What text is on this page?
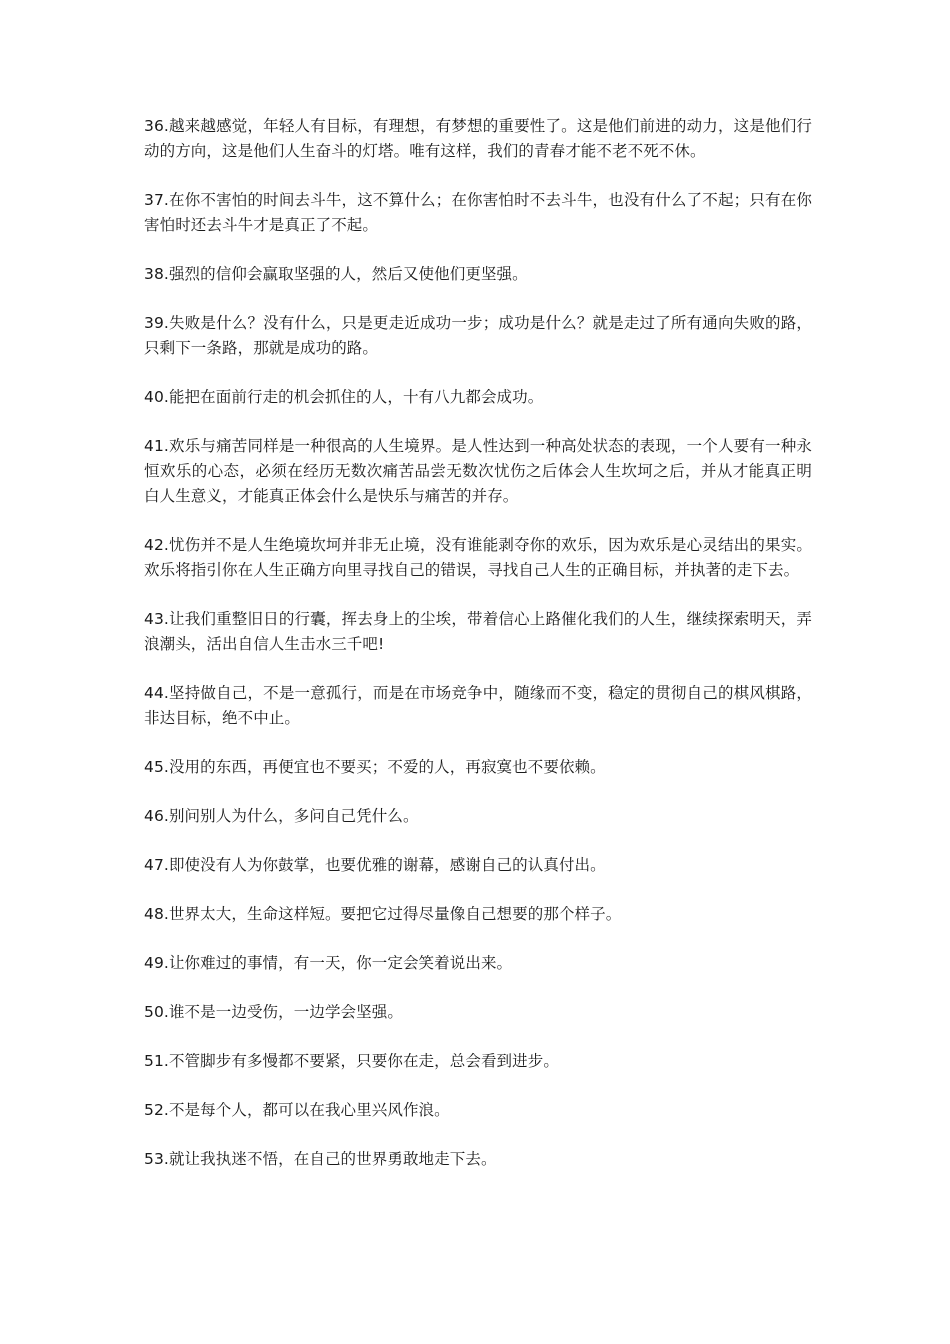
36.越来越感觉，年轻人有目标，有理想，有梦想的重要性了。这是他们前进的动力，这是他们行动的方向，这是他们人生奋斗的灯塔。唯有这样，我们的青春才能不老不死不休。

37.在你不害怕的时间去斗牛，这不算什么；在你害怕时不去斗牛，也没有什么了不起；只有在你害怕时还去斗牛才是真正了不起。

38.强烈的信仰会赢取坚强的人，然后又使他们更坚强。

39.失败是什么？没有什么，只是更走近成功一步；成功是什么？就是走过了所有通向失败的路，只剩下一条路，那就是成功的路。

40.能把在面前行走的机会抓住的人，十有八九都会成功。

41.欢乐与痛苦同样是一种很高的人生境界。是人性达到一种高处状态的表现，一个人要有一种永恒欢乐的心态，必须在经历无数次痛苦品尝无数次忧伤之后体会人生坎坷之后，并从才能真正明白人生意义，才能真正体会什么是快乐与痛苦的并存。

42.忧伤并不是人生绝境坎坷并非无止境，没有谁能剥夺你的欢乐，因为欢乐是心灵结出的果实。欢乐将指引你在人生正确方向里寻找自己的错误，寻找自己人生的正确目标，并执著的走下去。

43.让我们重整旧日的行囊，挥去身上的尘埃，带着信心上路催化我们的人生，继续探索明天，弄浪潮头，活出自信人生击水三千吧!

44.坚持做自己，不是一意孤行，而是在市场竞争中，随缘而不变，稳定的贯彻自己的棋风棋路，非达目标，绝不中止。

45.没用的东西，再便宜也不要买；不爱的人，再寂寞也不要依赖。

46.别问别人为什么，多问自己凭什么。

47.即使没有人为你鼓掌，也要优雅的谢幕，感谢自己的认真付出。

48.世界太大，生命这样短。要把它过得尽量像自己想要的那个样子。

49.让你难过的事情，有一天，你一定会笑着说出来。

50.谁不是一边受伤，一边学会坚强。

51.不管脚步有多慢都不要紧，只要你在走，总会看到进步。

52.不是每个人，都可以在我心里兴风作浪。

53.就让我执迷不悟，在自己的世界勇敢地走下去。
